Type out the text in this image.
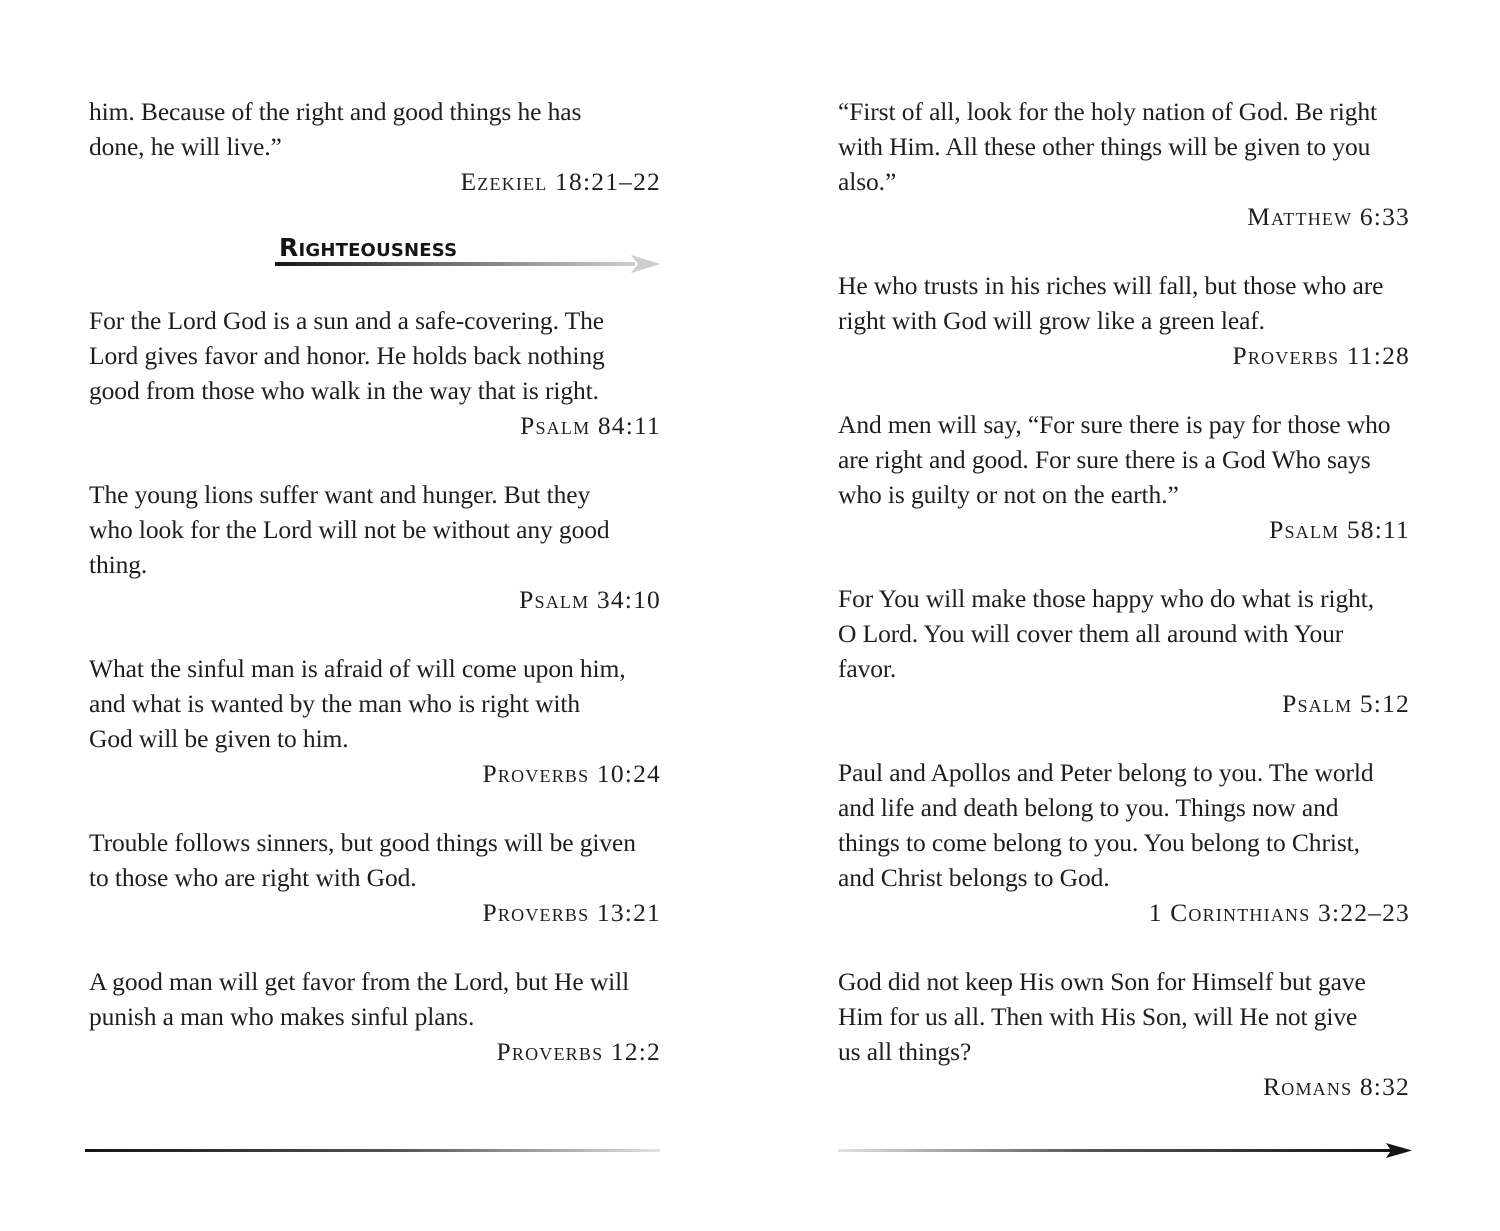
him. Because of the right and good things he has
done, he will live.”

Ezekiel 18:21–22

Righteousness

For the Lord God is a sun and a safe-covering. The
Lord gives favor and honor. He holds back nothing
good from those who walk in the way that is right.

Psalm 84:11

The young lions suffer want and hunger. But they
who look for the Lord will not be without any good
thing.

Psalm 34:10

What the sinful man is afraid of will come upon him,
and what is wanted by the man who is right with
God will be given to him.

Proverbs 10:24

Trouble follows sinners, but good things will be given
to those who are right with God.

Proverbs 13:21

A good man will get favor from the Lord, but He will
punish a man who makes sinful plans.

Proverbs 12:2

“First of all, look for the holy nation of God. Be right
with Him. All these other things will be given to you
also.”

Matthew 6:33

He who trusts in his riches will fall, but those who are
right with God will grow like a green leaf.

Proverbs 11:28

And men will say, “For sure there is pay for those who
are right and good. For sure there is a God Who says
who is guilty or not on the earth.”

Psalm 58:11

For You will make those happy who do what is right,
O Lord. You will cover them all around with Your
favor.

Psalm 5:12

Paul and Apollos and Peter belong to you. The world
and life and death belong to you. Things now and
things to come belong to you. You belong to Christ,
and Christ belongs to God.

1 Corinthians 3:22–23

God did not keep His own Son for Himself but gave
Him for us all. Then with His Son, will He not give
us all things?

Romans 8:32
